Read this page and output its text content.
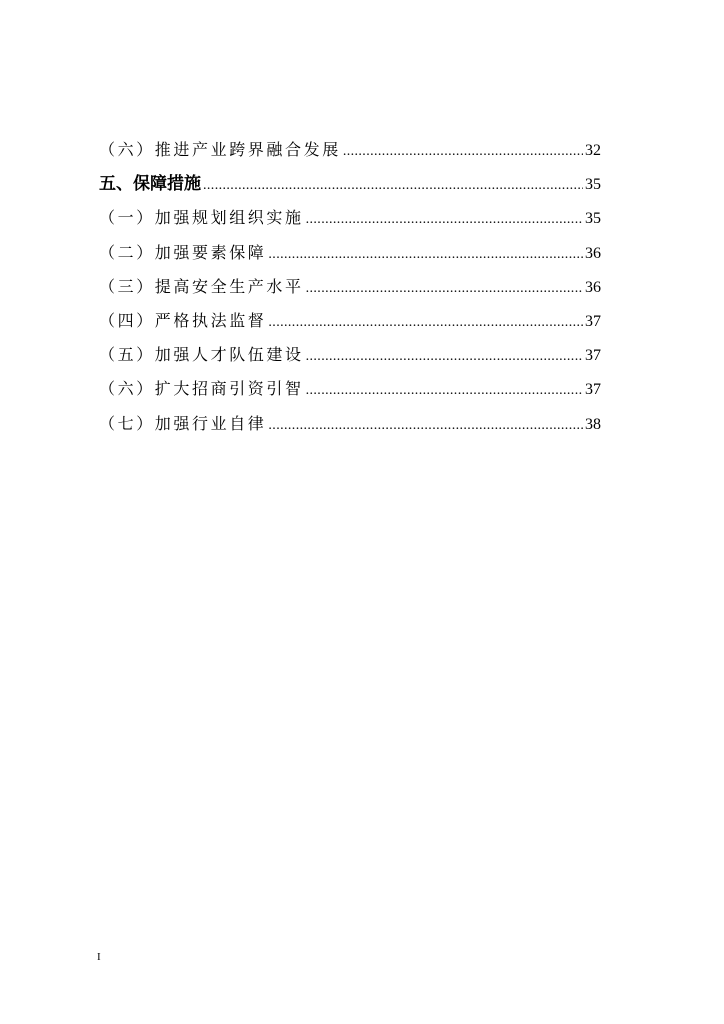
（六）推进产业跨界融合发展 .....	32
五、保障措施 .....	35
（一）加强规划组织实施 .....	35
（二）加强要素保障 .....	36
（三）提高安全生产水平 .....	36
（四）严格执法监督 .....	37
（五）加强人才队伍建设 .....	37
（六）扩大招商引资引智 .....	37
（七）加强行业自律 .....	38
I
